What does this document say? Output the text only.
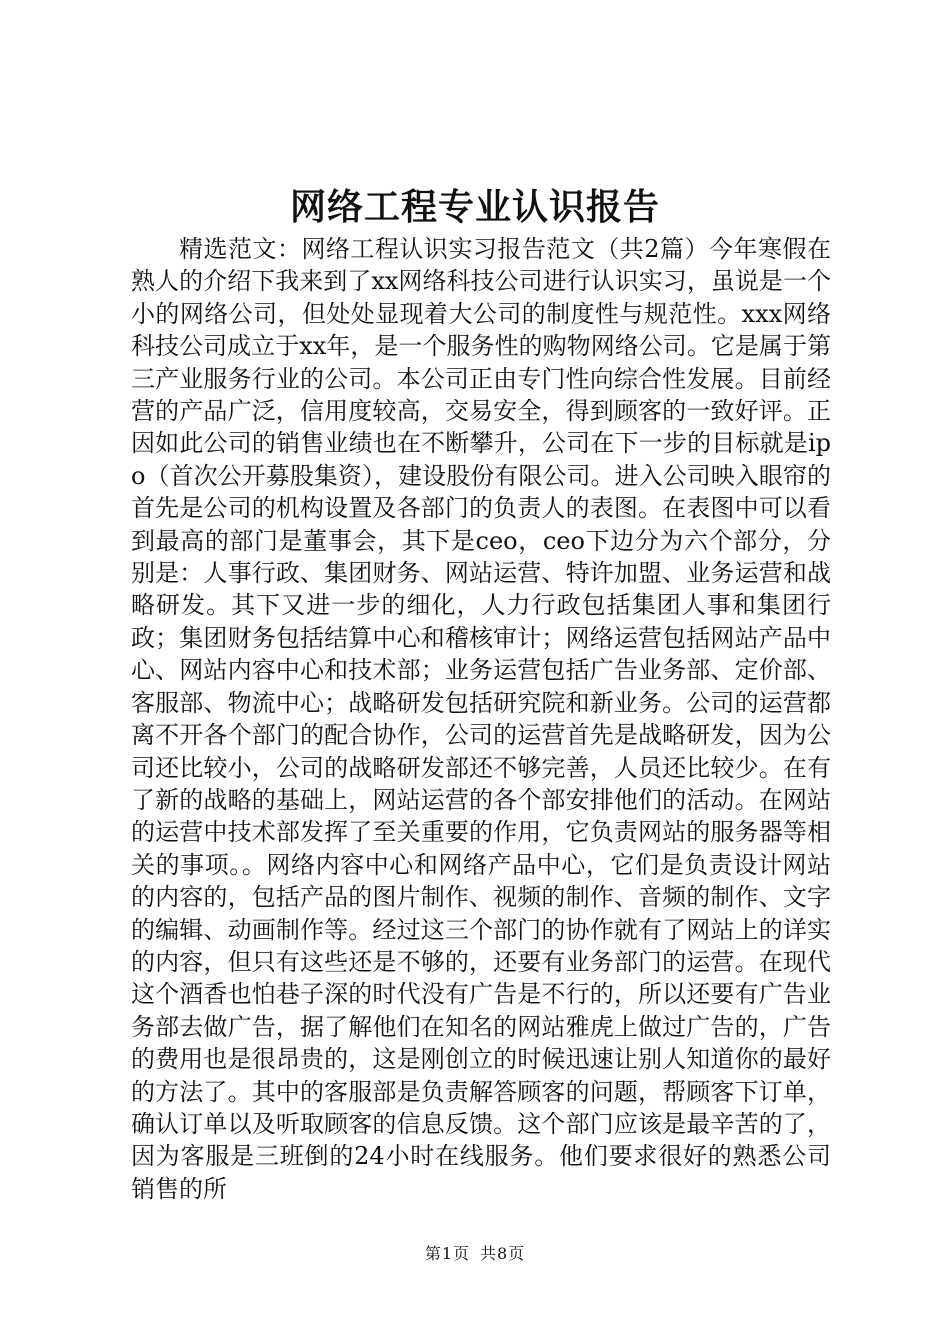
网络工程专业认识报告

精选范文：网络工程认识实习报告范文（共2篇）今年寒假在熟人的介绍下我来到了xx网络科技公司进行认识实习，虽说是一个小的网络公司，但处处显现着大公司的制度性与规范性。xxx网络科技公司成立于xx年，是一个服务性的购物网络公司。它是属于第三产业服务行业的公司。本公司正由专门性向综合性发展。目前经营的产品广泛，信用度较高，交易安全，得到顾客的一致好评。正因如此公司的销售业绩也在不断攀升，公司在下一步的目标就是ipo（首次公开募股集资），建设股份有限公司。进入公司映入眼帘的首先是公司的机构设置及各部门的负责人的表图。在表图中可以看到最高的部门是董事会，其下是ceo，ceo下边分为六个部分，分别是：人事行政、集团财务、网站运营、特许加盟、业务运营和战略研发。其下又进一步的细化，人力行政包括集团人事和集团行政；集团财务包括结算中心和稽核审计；网络运营包括网站产品中心、网站内容中心和技术部；业务运营包括广告业务部、定价部、客服部、物流中心；战略研发包括研究院和新业务。公司的运营都离不开各个部门的配合协作，公司的运营首先是战略研发，因为公司还比较小，公司的战略研发部还不够完善，人员还比较少。在有了新的战略的基础上，网站运营的各个部安排他们的活动。在网站的运营中技术部发挥了至关重要的作用，它负责网站的服务器等相关的事项。。网络内容中心和网络产品中心，它们是负责设计网站的内容的，包括产品的图片制作、视频的制作、音频的制作、文字的编辑、动画制作等。经过这三个部门的协作就有了网站上的详实的内容，但只有这些还是不够的，还要有业务部门的运营。在现代这个酒香也怕巷子深的时代没有广告是不行的，所以还要有广告业务部去做广告，据了解他们在知名的网站雅虎上做过广告的，广告的费用也是很昂贵的，这是刚创立的时候迅速让别人知道你的最好的方法了。其中的客服部是负责解答顾客的问题，帮顾客下订单，确认订单以及听取顾客的信息反馈。这个部门应该是最辛苦的了，因为客服是三班倒的24小时在线服务。他们要求很好的熟悉公司销售的所

第1页 共8页
